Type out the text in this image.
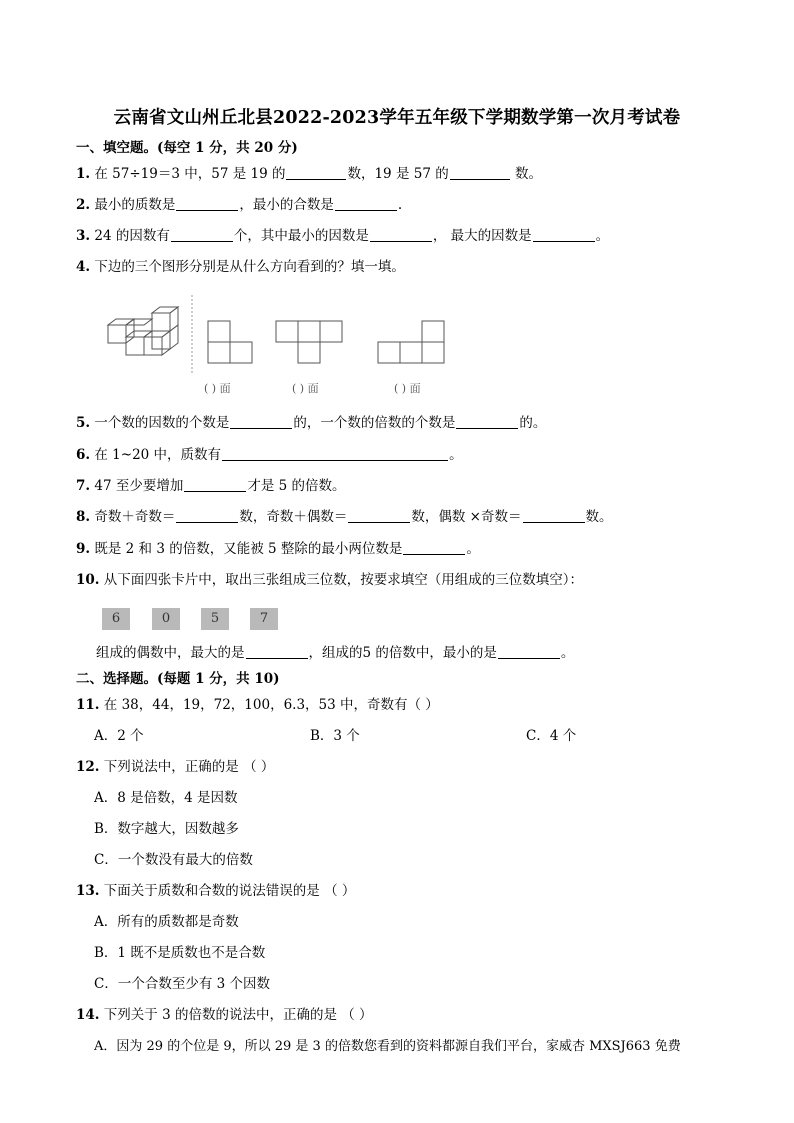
云南省文山州丘北县2022-2023学年五年级下学期数学第一次月考试卷
一、填空题。(每空 1 分，共 20 分)
1. 在 57÷19＝3 中，57 是 19 的	数，19 是 57 的	数。
2. 最小的质数是	，最小的合数是	.
3. 24 的因数有	个，其中最小的因数是	， 最大的因数是	。
4. 下边的三个图形分别是从什么方向看到的？填一填。
( ) 面	( ) 面	( ) 面
5. 一个数的因数的个数是	的，一个数的倍数的个数是	的。
6. 在 1~20 中，质数有	。
7. 47 至少要增加	才是 5 的倍数。
8. 奇数＋奇数＝	数，奇数＋偶数＝	数，偶数 ×奇数＝	数。
9. 既是 2 和 3 的倍数，又能被 5 整除的最小两位数是	。
10. 从下面四张卡片中，取出三张组成三位数，按要求填空（用组成的三位数填空）：
6	0	5	7
组成的偶数中，最大的是	，组成的5 的倍数中，最小的是	。
二、选择题。(每题 1 分，共 10)
11. 在 38，44，19，72，100，6.3，53 中，奇数有（ ）
A．2 个	B．3 个	C．4 个
12. 下列说法中，正确的是 （ ）
A．8 是倍数，4 是因数
B．数字越大，因数越多
C．一个数没有最大的倍数
13. 下面关于质数和合数的说法错误的是 （ ）
A．所有的质数都是奇数
B．1 既不是质数也不是合数
C．一个合数至少有 3 个因数
14. 下列关于 3 的倍数的说法中，正确的是 （ ）
A．因为 29 的个位是 9，所以 29 是 3 的倍数您看到的资料都源自我们平台，家威杏 MXSJ663 免费
